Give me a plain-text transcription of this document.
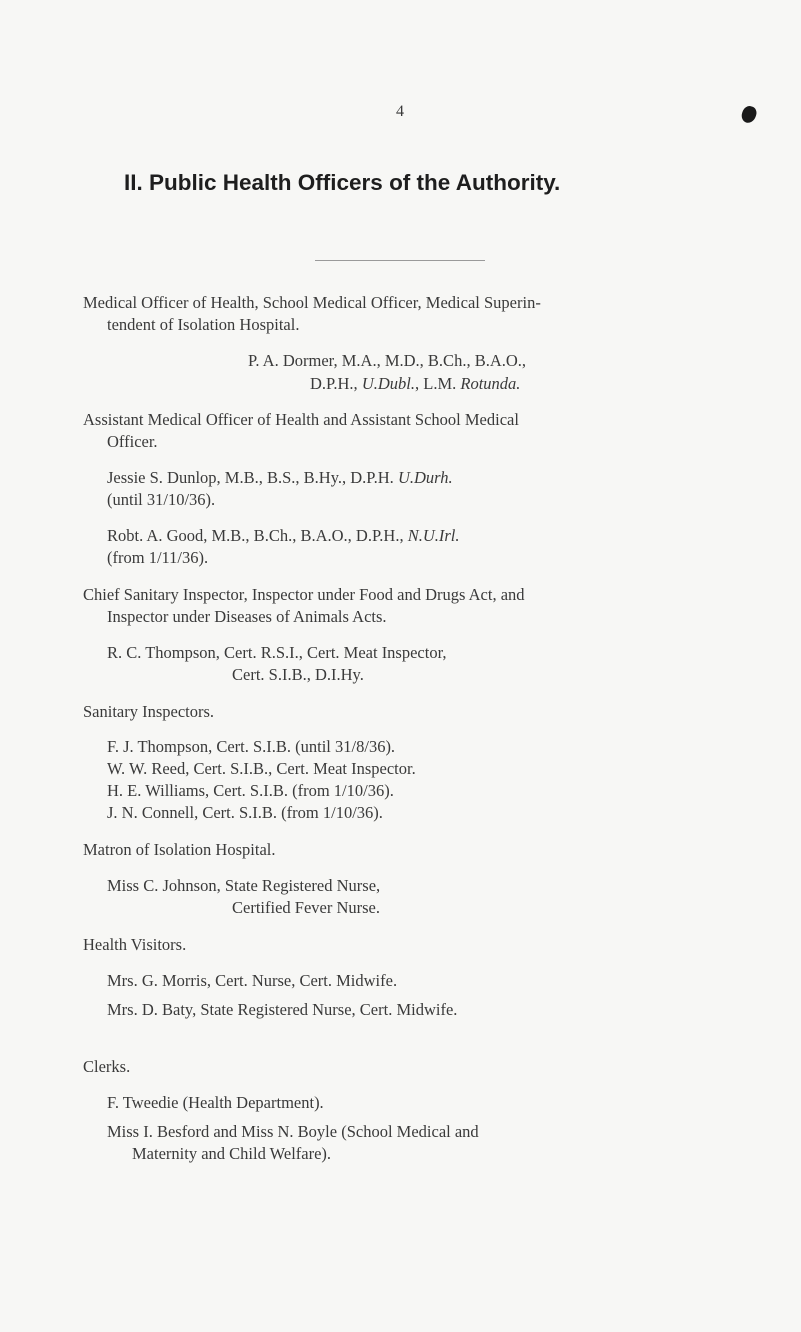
4
II. Public Health Officers of the Authority.

Medical Officer of Health, School Medical Officer, Medical Superin-

tendent of Isolation Hospital.

P. A. Dormer, M.A., M.D., B.Ch., B.A.O.,

D.P.H., U.Dubl., L.M. Rotunda.

Assistant Medical Officer of Health and Assistant School Medical

Officer.

Jessie S. Dunlop, M.B., B.S., B.Hy., D.P.H. U.Durh.

(until 31/10/36).

Robt. A. Good, M.B., B.Ch., B.A.O., D.P.H., N.U.Irl.

(from 1/11/36).

Chief Sanitary Inspector, Inspector under Food and Drugs Act, and

Inspector under Diseases of Animals Acts.

R. C. Thompson, Cert. R.S.I., Cert. Meat Inspector,

Cert. S.I.B., D.I.Hy.

Sanitary Inspectors.

F. J. Thompson, Cert. S.I.B. (until 31/8/36).

W. W. Reed, Cert. S.I.B., Cert. Meat Inspector.

H. E. Williams, Cert. S.I.B. (from 1/10/36).

J. N. Connell, Cert. S.I.B. (from 1/10/36).

Matron of Isolation Hospital.

Miss C. Johnson, State Registered Nurse,

Certified Fever Nurse.

Health Visitors.

Mrs. G. Morris, Cert. Nurse, Cert. Midwife.

Mrs. D. Baty, State Registered Nurse, Cert. Midwife.

Clerks.

F. Tweedie (Health Department).

Miss I. Besford and Miss N. Boyle (School Medical and

Maternity and Child Welfare).
